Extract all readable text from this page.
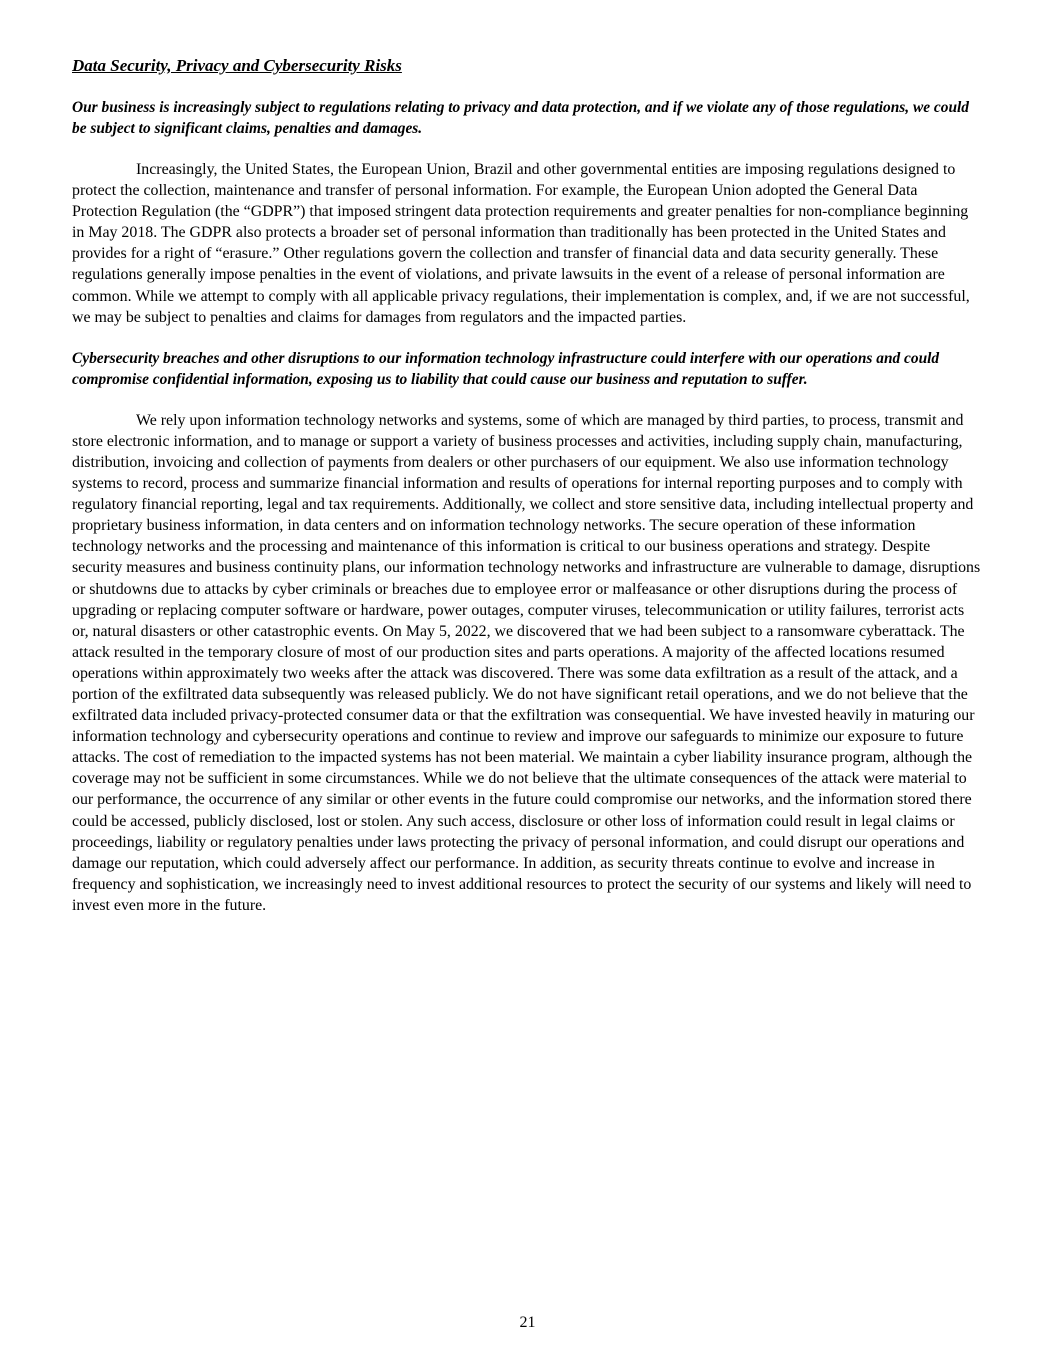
Data Security, Privacy and Cybersecurity Risks
Our business is increasingly subject to regulations relating to privacy and data protection, and if we violate any of those regulations, we could be subject to significant claims, penalties and damages.

Increasingly, the United States, the European Union, Brazil and other governmental entities are imposing regulations designed to protect the collection, maintenance and transfer of personal information. For example, the European Union adopted the General Data Protection Regulation (the “GDPR”) that imposed stringent data protection requirements and greater penalties for non-compliance beginning in May 2018. The GDPR also protects a broader set of personal information than traditionally has been protected in the United States and provides for a right of “erasure.” Other regulations govern the collection and transfer of financial data and data security generally. These regulations generally impose penalties in the event of violations, and private lawsuits in the event of a release of personal information are common. While we attempt to comply with all applicable privacy regulations, their implementation is complex, and, if we are not successful, we may be subject to penalties and claims for damages from regulators and the impacted parties.

Cybersecurity breaches and other disruptions to our information technology infrastructure could interfere with our operations and could compromise confidential information, exposing us to liability that could cause our business and reputation to suffer.

We rely upon information technology networks and systems, some of which are managed by third parties, to process, transmit and store electronic information, and to manage or support a variety of business processes and activities, including supply chain, manufacturing, distribution, invoicing and collection of payments from dealers or other purchasers of our equipment. We also use information technology systems to record, process and summarize financial information and results of operations for internal reporting purposes and to comply with regulatory financial reporting, legal and tax requirements. Additionally, we collect and store sensitive data, including intellectual property and proprietary business information, in data centers and on information technology networks. The secure operation of these information technology networks and the processing and maintenance of this information is critical to our business operations and strategy. Despite security measures and business continuity plans, our information technology networks and infrastructure are vulnerable to damage, disruptions or shutdowns due to attacks by cyber criminals or breaches due to employee error or malfeasance or other disruptions during the process of upgrading or replacing computer software or hardware, power outages, computer viruses, telecommunication or utility failures, terrorist acts or, natural disasters or other catastrophic events. On May 5, 2022, we discovered that we had been subject to a ransomware cyberattack. The attack resulted in the temporary closure of most of our production sites and parts operations. A majority of the affected locations resumed operations within approximately two weeks after the attack was discovered. There was some data exfiltration as a result of the attack, and a portion of the exfiltrated data subsequently was released publicly. We do not have significant retail operations, and we do not believe that the exfiltrated data included privacy-protected consumer data or that the exfiltration was consequential. We have invested heavily in maturing our information technology and cybersecurity operations and continue to review and improve our safeguards to minimize our exposure to future attacks. The cost of remediation to the impacted systems has not been material. We maintain a cyber liability insurance program, although the coverage may not be sufficient in some circumstances. While we do not believe that the ultimate consequences of the attack were material to our performance, the occurrence of any similar or other events in the future could compromise our networks, and the information stored there could be accessed, publicly disclosed, lost or stolen. Any such access, disclosure or other loss of information could result in legal claims or proceedings, liability or regulatory penalties under laws protecting the privacy of personal information, and could disrupt our operations and damage our reputation, which could adversely affect our performance. In addition, as security threats continue to evolve and increase in frequency and sophistication, we increasingly need to invest additional resources to protect the security of our systems and likely will need to invest even more in the future.

21
